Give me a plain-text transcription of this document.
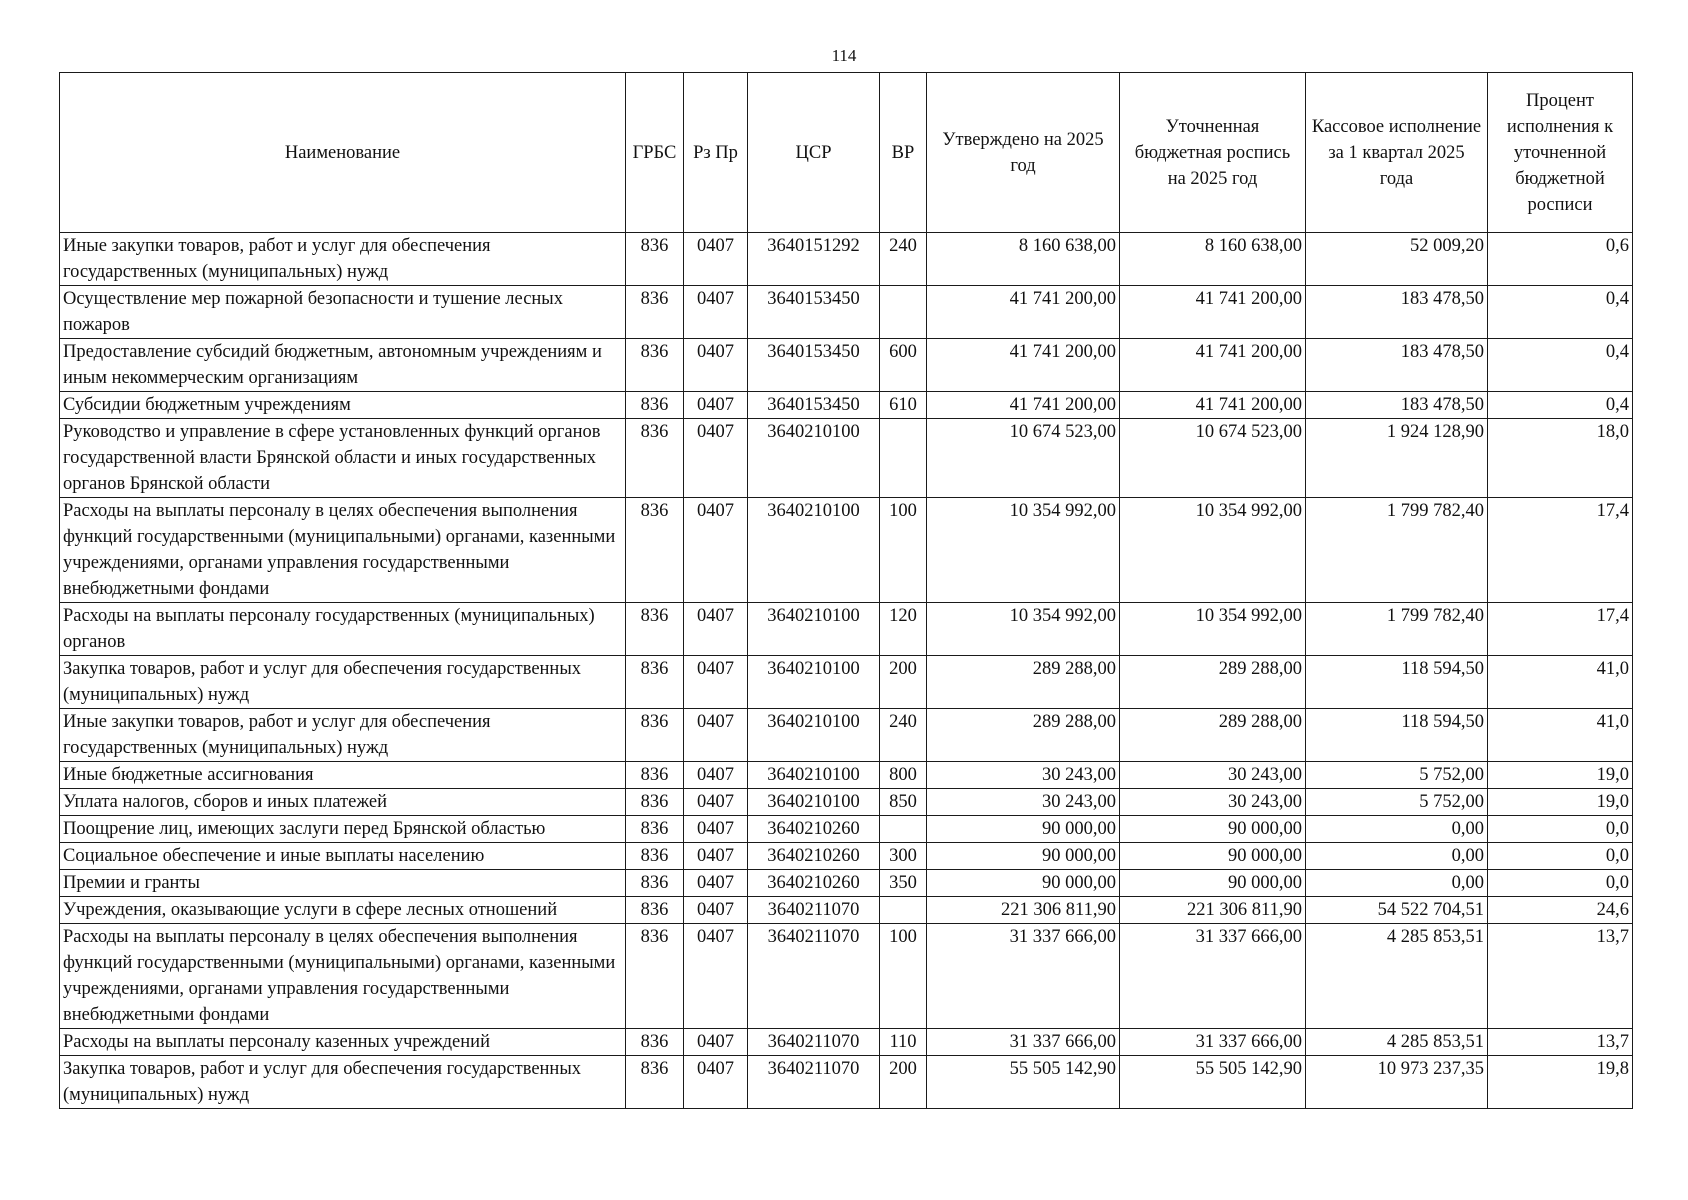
114
Наименование	ГРБС	Рз Пр	ЦСР	ВР	Утверждено на 2025 год	Уточненная бюджетная роспись на 2025 год	Кассовое исполнение за 1 квартал 2025 года	Процент исполнения к уточненной бюджетной росписи
Иные закупки товаров, работ и услуг для обеспечения государственных (муниципальных) нужд	836	0407	3640151292	240	8 160 638,00	8 160 638,00	52 009,20	0,6
Осуществление мер пожарной безопасности и тушение лесных пожаров	836	0407	3640153450		41 741 200,00	41 741 200,00	183 478,50	0,4
Предоставление субсидий бюджетным, автономным учреждениям и иным некоммерческим организациям	836	0407	3640153450	600	41 741 200,00	41 741 200,00	183 478,50	0,4
Субсидии бюджетным учреждениям	836	0407	3640153450	610	41 741 200,00	41 741 200,00	183 478,50	0,4
Руководство и управление в сфере установленных функций органов государственной власти Брянской области и иных государственных органов Брянской области	836	0407	3640210100		10 674 523,00	10 674 523,00	1 924 128,90	18,0
Расходы на выплаты персоналу в целях обеспечения выполнения функций государственными (муниципальными) органами, казенными учреждениями, органами управления государственными внебюджетными фондами	836	0407	3640210100	100	10 354 992,00	10 354 992,00	1 799 782,40	17,4
Расходы на выплаты персоналу государственных (муниципальных) органов	836	0407	3640210100	120	10 354 992,00	10 354 992,00	1 799 782,40	17,4
Закупка товаров, работ и услуг для обеспечения государственных (муниципальных) нужд	836	0407	3640210100	200	289 288,00	289 288,00	118 594,50	41,0
Иные закупки товаров, работ и услуг для обеспечения государственных (муниципальных) нужд	836	0407	3640210100	240	289 288,00	289 288,00	118 594,50	41,0
Иные бюджетные ассигнования	836	0407	3640210100	800	30 243,00	30 243,00	5 752,00	19,0
Уплата налогов, сборов и иных платежей	836	0407	3640210100	850	30 243,00	30 243,00	5 752,00	19,0
Поощрение лиц, имеющих заслуги перед Брянской областью	836	0407	3640210260		90 000,00	90 000,00	0,00	0,0
Социальное обеспечение и иные выплаты населению	836	0407	3640210260	300	90 000,00	90 000,00	0,00	0,0
Премии и гранты	836	0407	3640210260	350	90 000,00	90 000,00	0,00	0,0
Учреждения, оказывающие услуги в сфере лесных отношений	836	0407	3640211070		221 306 811,90	221 306 811,90	54 522 704,51	24,6
Расходы на выплаты персоналу в целях обеспечения выполнения функций государственными (муниципальными) органами, казенными учреждениями, органами управления государственными внебюджетными фондами	836	0407	3640211070	100	31 337 666,00	31 337 666,00	4 285 853,51	13,7
Расходы на выплаты персоналу казенных учреждений	836	0407	3640211070	110	31 337 666,00	31 337 666,00	4 285 853,51	13,7
Закупка товаров, работ и услуг для обеспечения государственных (муниципальных) нужд	836	0407	3640211070	200	55 505 142,90	55 505 142,90	10 973 237,35	19,8
